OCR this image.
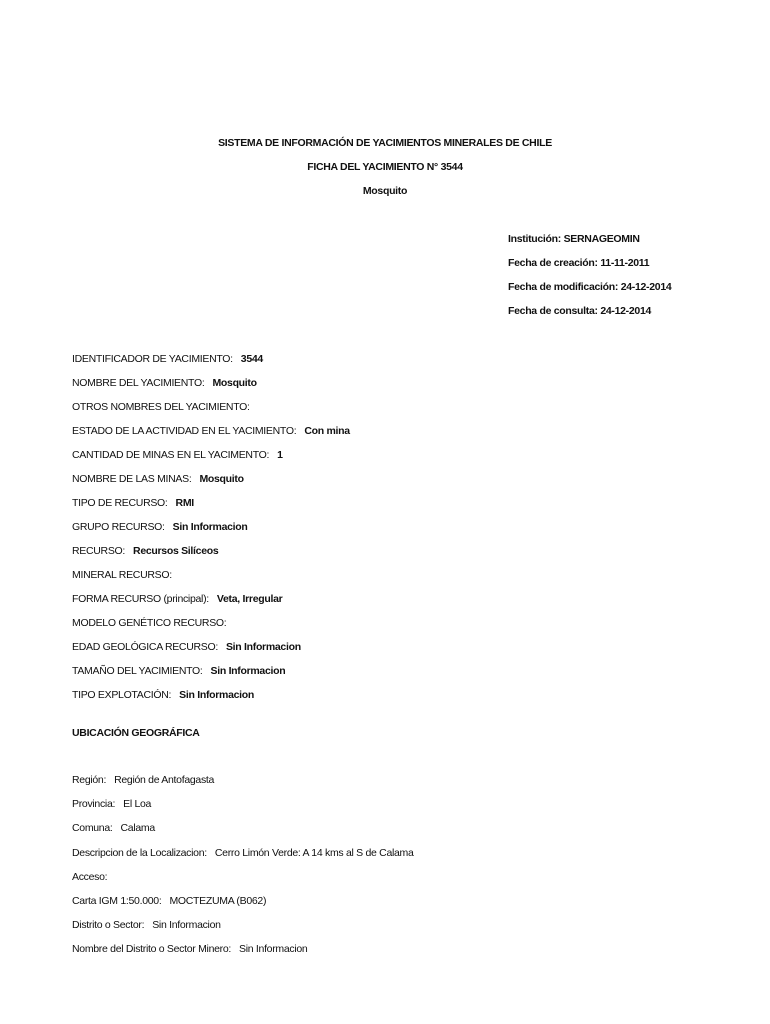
SISTEMA DE INFORMACIÓN DE YACIMIENTOS MINERALES DE CHILE
FICHA DEL YACIMIENTO N° 3544
Mosquito
Institución: SERNAGEOMIN
Fecha de creación: 11-11-2011
Fecha de modificación: 24-12-2014
Fecha de consulta: 24-12-2014
IDENTIFICADOR DE YACIMIENTO: 3544
NOMBRE DEL YACIMIENTO: Mosquito
OTROS NOMBRES DEL YACIMIENTO:
ESTADO DE LA ACTIVIDAD EN EL YACIMIENTO: Con mina
CANTIDAD DE MINAS EN EL YACIMENTO: 1
NOMBRE DE LAS MINAS: Mosquito
TIPO DE RECURSO: RMI
GRUPO RECURSO: Sin Informacion
RECURSO: Recursos Silíceos
MINERAL RECURSO:
FORMA RECURSO (principal): Veta, Irregular
MODELO GENÉTICO RECURSO:
EDAD GEOLÓGICA RECURSO: Sin Informacion
TAMAÑO DEL YACIMIENTO: Sin Informacion
TIPO EXPLOTACIÓN: Sin Informacion
UBICACIÓN GEOGRÁFICA
Región: Región de Antofagasta
Provincia: El Loa
Comuna: Calama
Descripcion de la Localizacion: Cerro Limón Verde: A 14 kms al S de Calama
Acceso:
Carta IGM 1:50.000: MOCTEZUMA (B062)
Distrito o Sector: Sin Informacion
Nombre del Distrito o Sector Minero: Sin Informacion
